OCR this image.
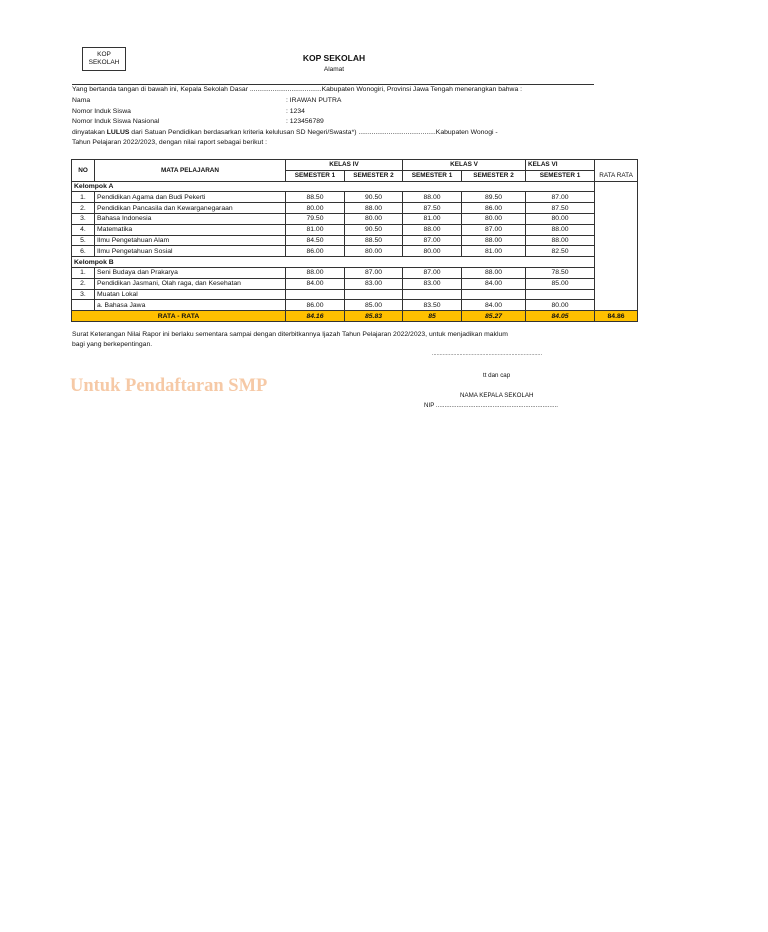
KOP
SEKOLAH	KOP SEKOLAH
Alamat
Yang bertanda tangan di bawah ini, Kepala Sekolah Dasar ......................................Kabupaten Wonogiri, Provinsi Jawa Tengah menerangkan bahwa :
Nama	: IRAWAN PUTRA
Nomor Induk Siswa	: 1234
Nomor Induk Siswa Nasional	: 123456789
dinyatakan LULUS dari Satuan Pendidikan berdasarkan kriteria kelulusan SD Negeri/Swasta*) .........................................Kabupaten Wonogi -
Tahun Pelajaran 2022/2023, dengan nilai raport sebagai berikut :
NO	MATA PELAJARAN	KELAS IV		KELAS V		KELAS VI	
		SEMESTER 1	SEMESTER 2	SEMESTER 1	SEMESTER 2	SEMESTER 1	RATA RATA
Kelompok A							
1.	Pendidikan Agama dan Budi Pekerti	88.50	90.50	88.00	89.50	87.00	
2.	Pendidikan Pancasila dan Kewarganegaraan	80.00	88.00	87.50	86.00	87.50	
3.	Bahasa Indonesia	79.50	80.00	81.00	80.00	80.00	
4.	Matematika	81.00	90.50	88.00	87.00	88.00	
5.	Ilmu Pengetahuan Alam	84.50	88.50	87.00	88.00	88.00	
6.	Ilmu Pengetahuan Sosial	86.00	80.00	80.00	81.00	82.50	
Kelompok B							
1.	Seni Budaya dan Prakarya	88.00	87.00	87.00	88.00	78.50	
2.	Pendidikan Jasmani, Olah raga, dan Kesehatan	84.00	83.00	83.00	84.00	85.00	
3.	Muatan Lokal						
	a. Bahasa Jawa	86.00	85.00	83.50	84.00	80.00	
RATA - RATA		84.16	85.83	85	85.27	84.05	84.86
Surat Keterangan Nilai Rapor ini berlaku sementara sampai dengan diterbitkannya Ijazah Tahun Pelajaran 2022/2023, untuk menjadikan maklum
bagi yang berkepentingan.
........................................................................
tt dan cap
NAMA KEPALA SEKOLAH
NIP .......................................................................
Untuk Pendaftaran SMP
